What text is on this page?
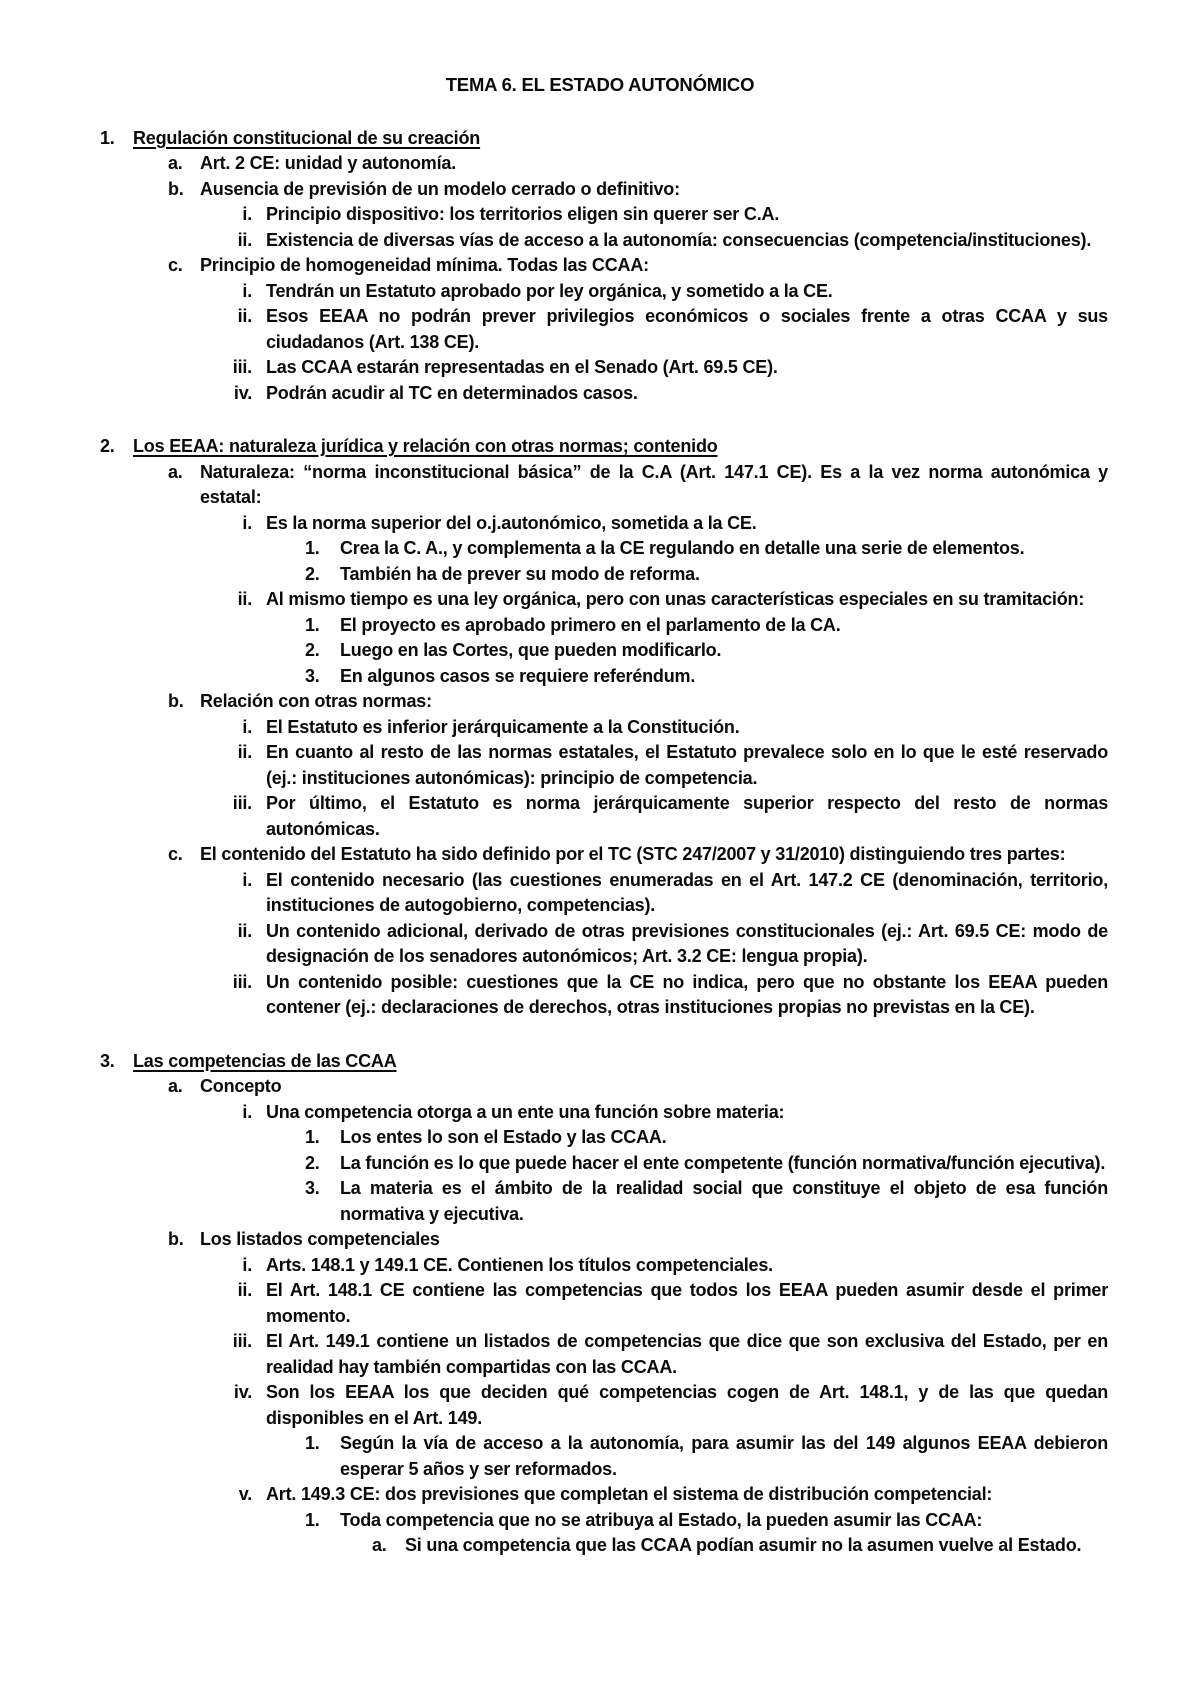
TEMA 6. EL ESTADO AUTONÓMICO
1.	Regulación constitucional de su creación
a. Art. 2 CE: unidad y autonomía.
b. Ausencia de previsión de un modelo cerrado o definitivo:
i. Principio dispositivo: los territorios eligen sin querer ser C.A.
ii. Existencia de diversas vías de acceso a la autonomía: consecuencias (competencia/instituciones).
c. Principio de homogeneidad mínima. Todas las CCAA:
i. Tendrán un Estatuto aprobado por ley orgánica, y sometido a la CE.
ii. Esos EEAA no podrán prever privilegios económicos o sociales frente a otras CCAA y sus ciudadanos (Art. 138 CE).
iii. Las CCAA estarán representadas en el Senado (Art. 69.5 CE).
iv. Podrán acudir al TC en determinados casos.
2.	Los EEAA: naturaleza jurídica y relación con otras normas; contenido
a. Naturaleza: “norma inconstitucional básica” de la C.A (Art. 147.1 CE). Es a la vez norma autonómica y estatal:
i. Es la norma superior del o.j.autonómico, sometida a la CE.
1.	Crea la C. A., y complementa a la CE regulando en detalle una serie de elementos.
2.	También ha de prever su modo de reforma.
ii. Al mismo tiempo es una ley orgánica, pero con unas características especiales en su tramitación:
1.	El proyecto es aprobado primero en el parlamento de la CA.
2.	Luego en las Cortes, que pueden modificarlo.
3.	En algunos casos se requiere referéndum.
b. Relación con otras normas:
i. El Estatuto es inferior jerárquicamente a la Constitución.
ii. En cuanto al resto de las normas estatales, el Estatuto prevalece solo en lo que le esté reservado (ej.: instituciones autonómicas): principio de competencia.
iii. Por último, el Estatuto es norma jerárquicamente superior respecto del resto de normas autonómicas.
c. El contenido del Estatuto ha sido definido por el TC (STC 247/2007 y 31/2010) distinguiendo tres partes:
i. El contenido necesario (las cuestiones enumeradas en el Art. 147.2 CE (denominación, territorio, instituciones de autogobierno, competencias).
ii. Un contenido adicional, derivado de otras previsiones constitucionales (ej.: Art. 69.5 CE: modo de designación de los senadores autonómicos; Art. 3.2 CE: lengua propia).
iii. Un contenido posible: cuestiones que la CE no indica, pero que no obstante los EEAA pueden contener (ej.: declaraciones de derechos, otras instituciones propias no previstas en la CE).
3.	Las competencias de las CCAA
a. Concepto
i. Una competencia otorga a un ente una función sobre materia:
1.	Los entes lo son el Estado y las CCAA.
2.	La función es lo que puede hacer el ente competente (función normativa/función ejecutiva).
3.	La materia es el ámbito de la realidad social que constituye el objeto de esa función normativa y ejecutiva.
b. Los listados competenciales
i. Arts. 148.1 y 149.1 CE. Contienen los títulos competenciales.
ii. El Art. 148.1 CE contiene las competencias que todos los EEAA pueden asumir desde el primer momento.
iii. El Art. 149.1 contiene un listados de competencias que dice que son exclusiva del Estado, per en realidad hay también compartidas con las CCAA.
iv. Son los EEAA los que deciden qué competencias cogen de Art. 148.1, y de las que quedan disponibles en el Art. 149.
1.	Según la vía de acceso a la autonomía, para asumir las del 149 algunos EEAA debieron esperar 5 años y ser reformados.
v. Art. 149.3 CE: dos previsiones que completan el sistema de distribución competencial:
1.	Toda competencia que no se atribuya al Estado, la pueden asumir las CCAA:
a.	Si una competencia que las CCAA podían asumir no la asumen vuelve al Estado.
